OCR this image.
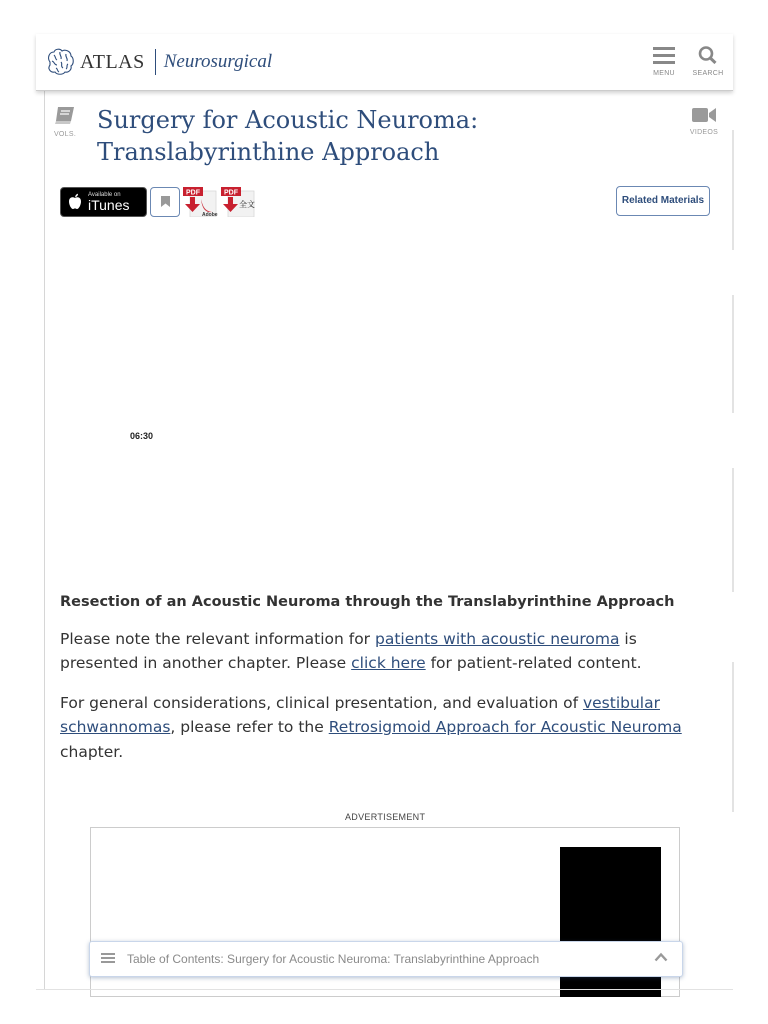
ATLAS Neurosurgical
MENU	SEARCH
VOLS.
Surgery for Acoustic Neuroma: Translabyrinthine Approach
VIDEOS
Available on
iTunes
PDF
Adobe
PDF
全文	Related Materials
06:30

Resection of an Acoustic Neuroma through the Translabyrinthine Approach

Please note the relevant information for patients with acoustic neuroma is presented in another chapter. Please click here for patient-related content.

For general considerations, clinical presentation, and evaluation of vestibular schwannomas, please refer to the Retrosigmoid Approach for Acoustic Neuroma chapter.

ADVERTISEMENT
Table of Contents: Surgery for Acoustic Neuroma: Translabyrinthine Approach
